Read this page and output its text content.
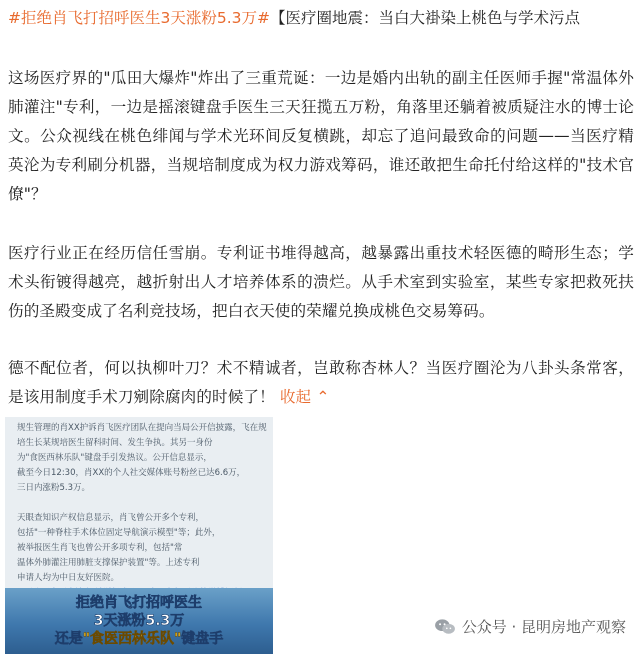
#拒绝肖飞打招呼医生3天涨粉5.3万#【医疗圈地震：当白大褂染上桃色与学术污点
这场医疗界的"瓜田大爆炸"炸出了三重荒诞：一边是婚内出轨的副主任医师手握"常温体外肺灌注"专利，一边是摇滚键盘手医生三天狂揽五万粉，角落里还躺着被质疑注水的博士论文。公众视线在桃色绯闻与学术光环间反复横跳，却忘了追问最致命的问题——当医疗精英沦为专利刷分机器，当规培制度成为权力游戏筹码，谁还敢把生命托付给这样的"技术官僚"？
医疗行业正在经历信任雪崩。专利证书堆得越高，越暴露出重技术轻医德的畸形生态；学术头衔镀得越亮，越折射出人才培养体系的溃烂。从手术室到实验室，某些专家把救死扶伤的圣殿变成了名利竞技场，把白衣天使的荣耀兑换成桃色交易筹码。
德不配位者，何以执柳叶刀？术不精诚者，岂敢称杏林人？当医疗圈沦为八卦头条常客，是该用制度手术刀剜除腐肉的时候了！ 收起 ⌃
规生管理的肖XX护诉肖飞医疗团队在提向当局公开信披露，飞在规
培生长某规培医生留科时间、发生争执。其另一身份
为"食医西林乐队"键盘手引发热议。公开信息显示，
截至今日12:30，肖XX的个人社交媒体账号粉丝已达6.6万，
三日内涨粉5.3万。

天眼查知识产权信息显示，肖飞曾公开多个专利，
包括"一种脊柱手术体位固定导航演示模型"等；此外，
被举报医生肖飞也曾公开多项专利，包括"常
温体外肺灌注用肺脏支撑保护装置"等。上述专利
申请人均为中日友好医院。
拒绝肖飞打招呼医生
3天涨粉5.3万
还是"食医西林乐队"键盘手
公众号 · 昆明房地产观察
